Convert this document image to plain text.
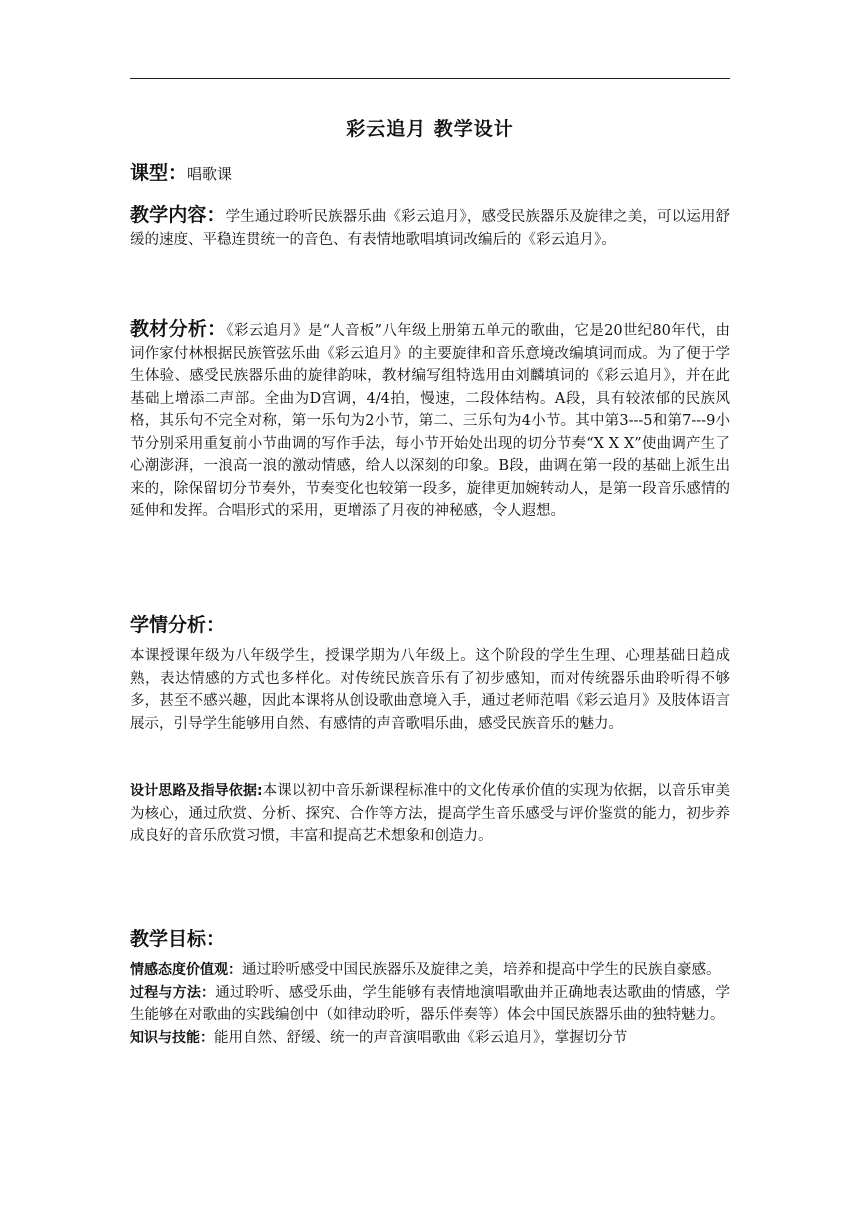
彩云追月 教学设计
课型：唱歌课

教学内容：学生通过聆听民族器乐曲《彩云追月》，感受民族器乐及旋律之美，可以运用舒缓的速度、平稳连贯统一的音色、有表情地歌唱填词改编后的《彩云追月》。

教材分析：《彩云追月》是“人音板”八年级上册第五单元的歌曲，它是20世纪80年代，由词作家付林根据民族管弦乐曲《彩云追月》的主要旋律和音乐意境改编填词而成。为了便于学生体验、感受民族器乐曲的旋律韵味，教材编写组特选用由刘麟填词的《彩云追月》，并在此基础上增添二声部。全曲为D宫调，4/4拍，慢速，二段体结构。A段，具有较浓郁的民族风格，其乐句不完全对称，第一乐句为2小节，第二、三乐句为4小节。其中第3---5和第7---9小节分别采用重复前小节曲调的写作手法，每小节开始处出现的切分节奏“X X X”使曲调产生了心潮澎湃，一浪高一浪的激动情感，给人以深刻的印象。B段，曲调在第一段的基础上派生出来的，除保留切分节奏外，节奏变化也较第一段多，旋律更加婉转动人，是第一段音乐感情的延伸和发挥。合唱形式的采用，更增添了月夜的神秘感，令人遐想。

学情分析：

本课授课年级为八年级学生，授课学期为八年级上。这个阶段的学生生理、心理基础日趋成熟，表达情感的方式也多样化。对传统民族音乐有了初步感知，而对传统器乐曲聆听得不够多，甚至不感兴趣，因此本课将从创设歌曲意境入手，通过老师范唱《彩云追月》及肢体语言展示，引导学生能够用自然、有感情的声音歌唱乐曲，感受民族音乐的魅力。

设计思路及指导依据:本课以初中音乐新课程标准中的文化传承价值的实现为依据，以音乐审美为核心，通过欣赏、分析、探究、合作等方法，提高学生音乐感受与评价鉴赏的能力，初步养成良好的音乐欣赏习惯，丰富和提高艺术想象和创造力。

教学目标：

情感态度价值观：通过聆听感受中国民族器乐及旋律之美，培养和提高中学生的民族自豪感。

过程与方法：通过聆听、感受乐曲，学生能够有表情地演唱歌曲并正确地表达歌曲的情感，学生能够在对歌曲的实践编创中（如律动聆听，器乐伴奏等）体会中国民族器乐曲的独特魅力。

知识与技能：能用自然、舒缓、统一的声音演唱歌曲《彩云追月》，掌握切分节
